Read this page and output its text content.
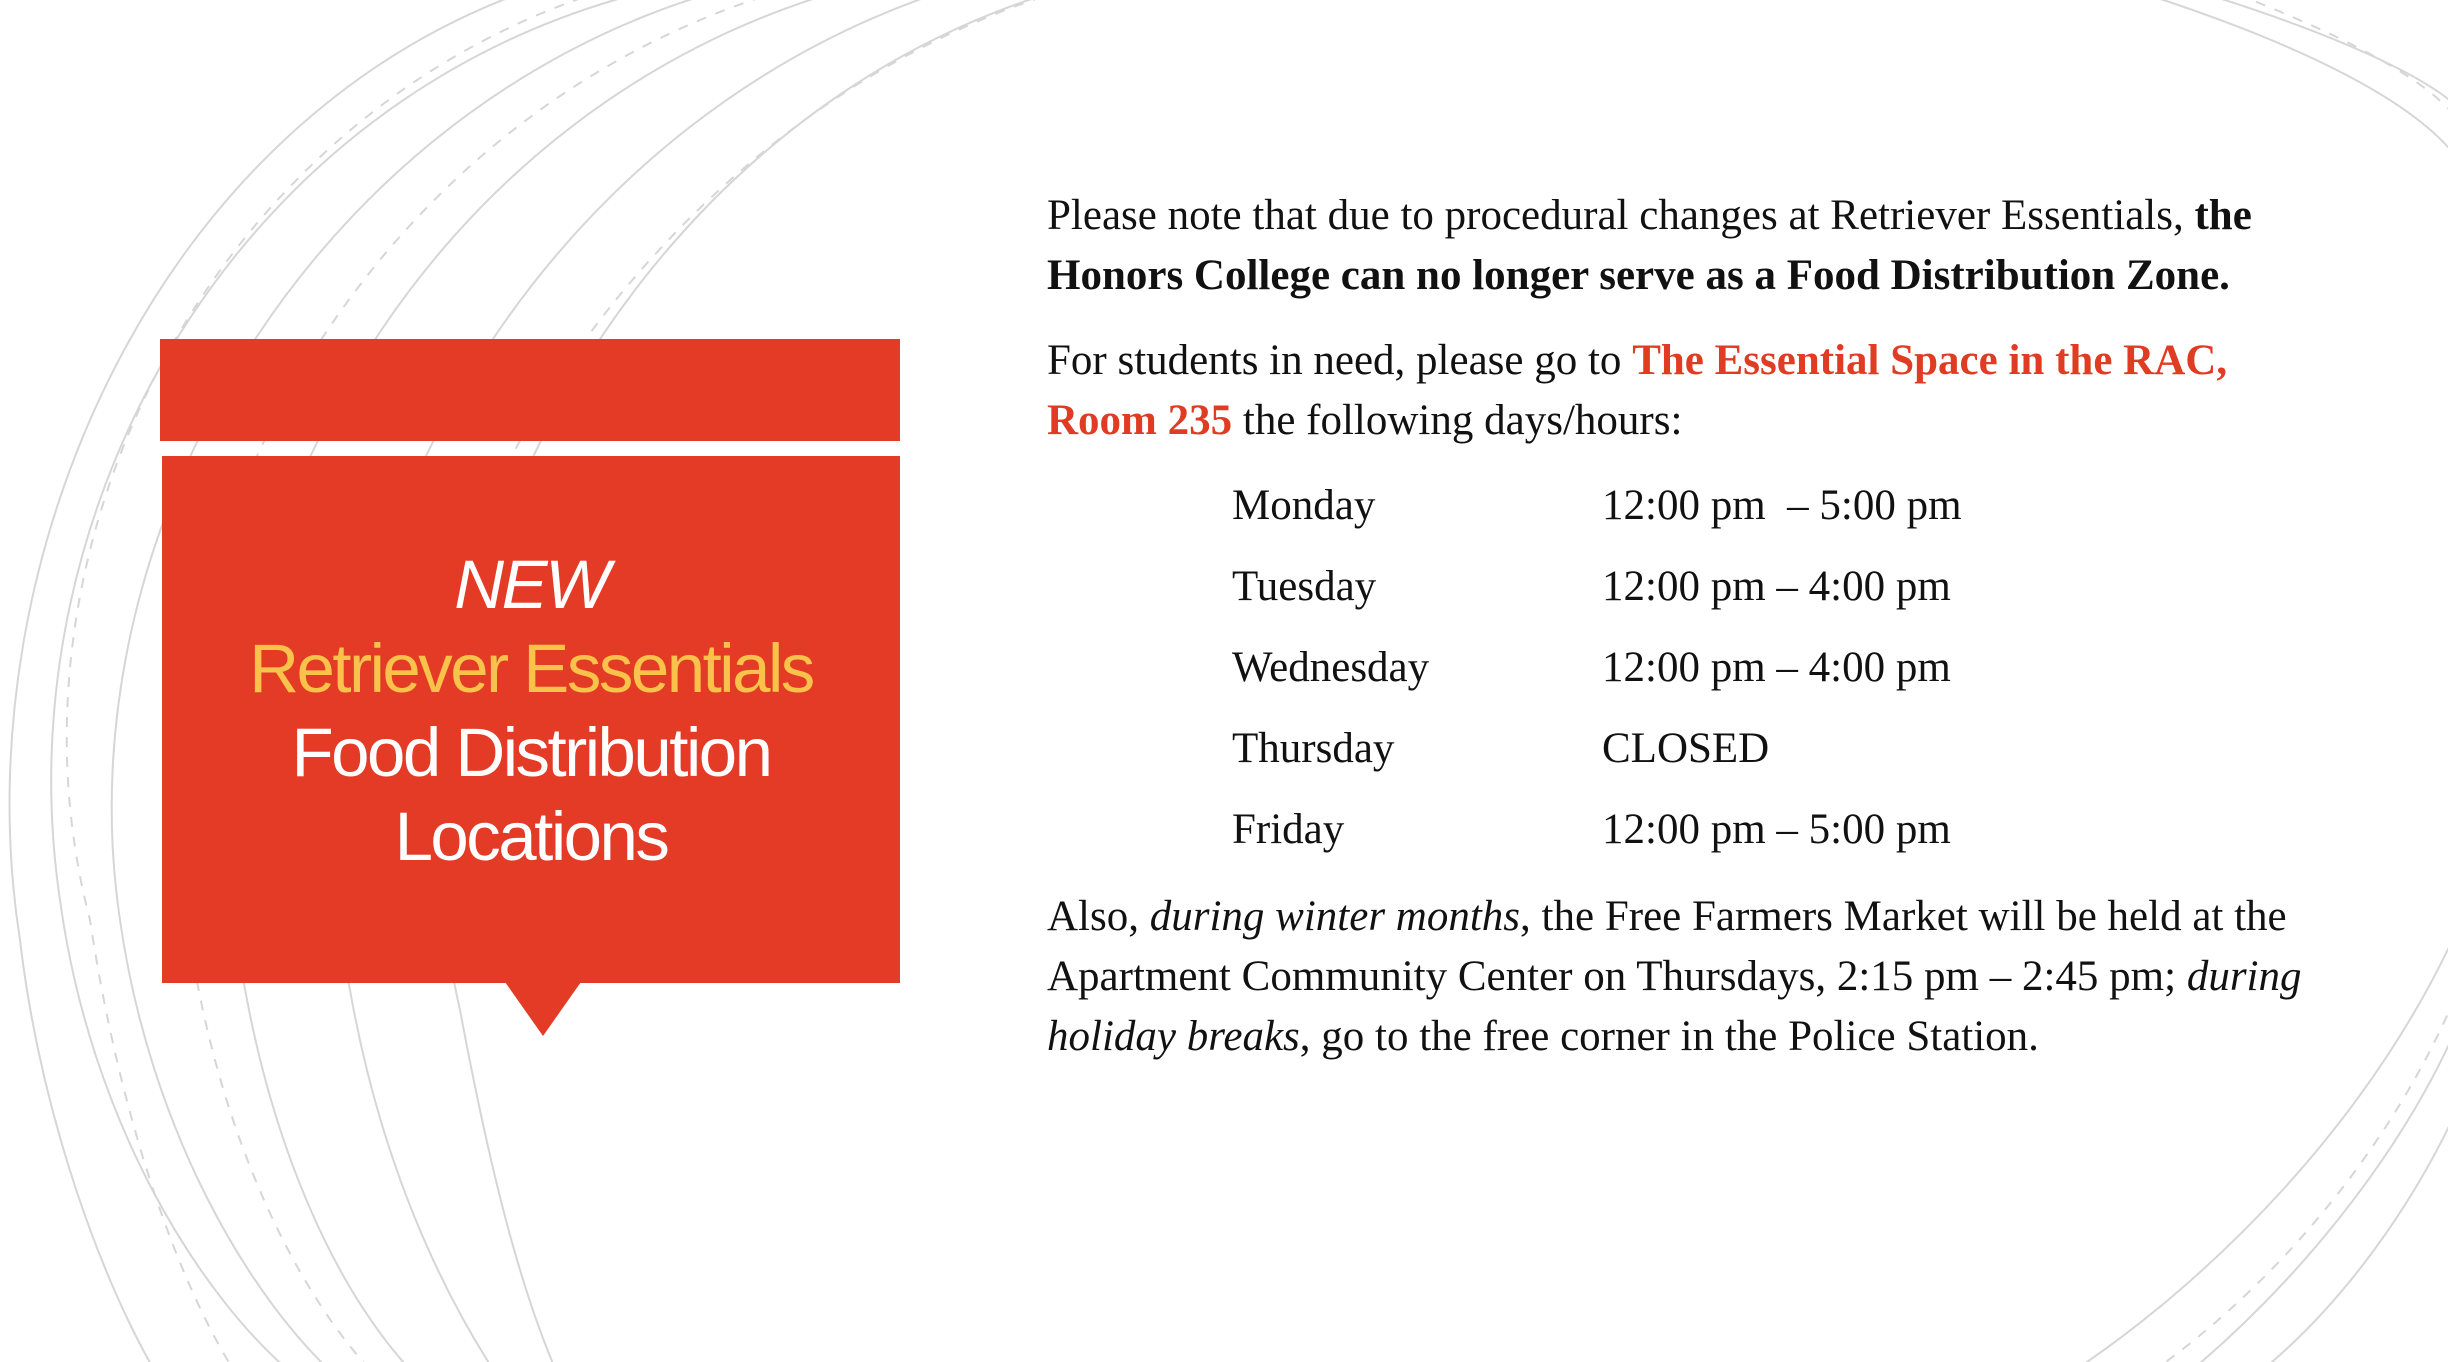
NEW
Retriever Essentials
Food Distribution
Locations

Please note that due to procedural changes at Retriever Essentials, the Honors College can no longer serve as a Food Distribution Zone.

For students in need, please go to The Essential Space in the RAC, Room 235 the following days/hours:

Monday	12:00 pm  – 5:00 pm
Tuesday	12:00 pm – 4:00 pm
Wednesday	12:00 pm – 4:00 pm
Thursday	CLOSED
Friday	12:00 pm – 5:00 pm

Also, during winter months, the Free Farmers Market will be held at the Apartment Community Center on Thursdays, 2:15 pm – 2:45 pm; during holiday breaks, go to the free corner in the Police Station.
